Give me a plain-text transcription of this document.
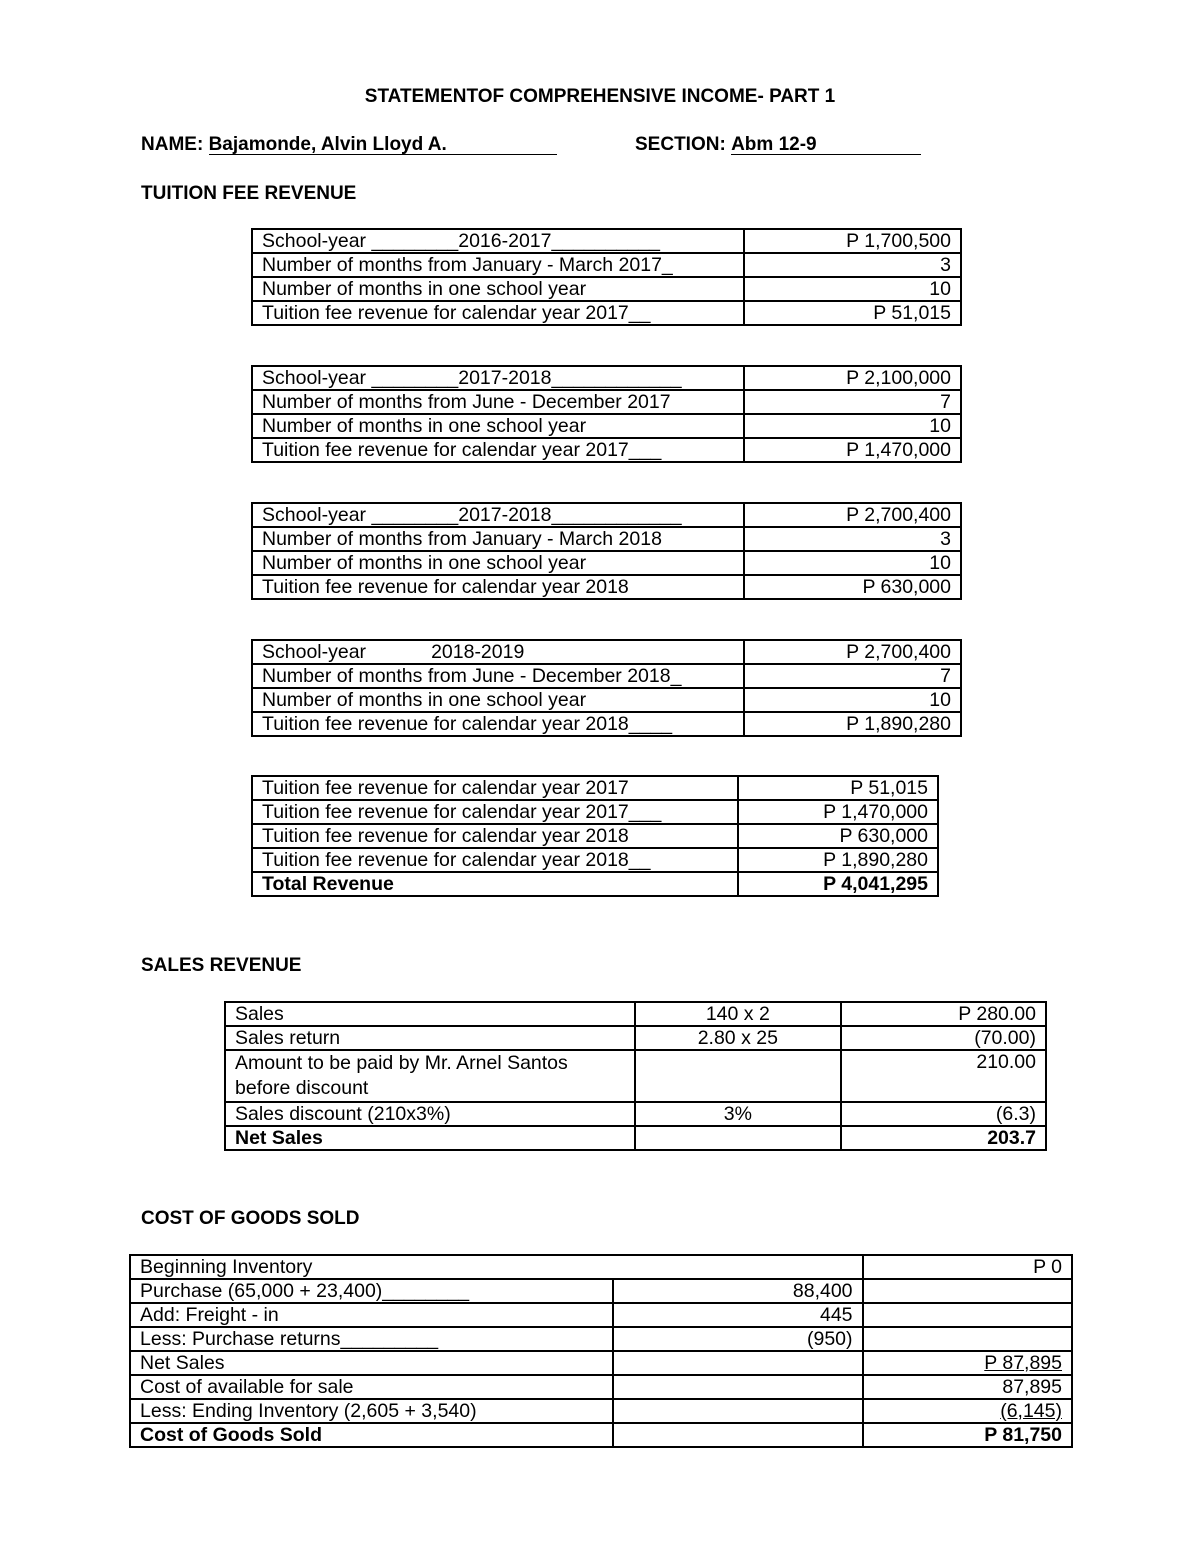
STATEMENTOF COMPREHENSIVE INCOME- PART 1
NAME: Bajamonde, Alvin Lloyd A.	SECTION: Abm 12-9
TUITION FEE REVENUE
School-year ________2016-2017__________	P 1,700,500
Number of months from January - March 2017_	3
Number of months in one school year	10
Tuition fee revenue for calendar year 2017__	P 51,015
School-year ________2017-2018____________	P 2,100,000
Number of months from June - December 2017	7
Number of months in one school year	10
Tuition fee revenue for calendar year 2017___	P 1,470,000
School-year ________2017-2018____________	P 2,700,400
Number of months from January - March 2018	3
Number of months in one school year	10
Tuition fee revenue for calendar year 2018	P 630,000
School-year            2018-2019	P 2,700,400
Number of months from June - December 2018_	7
Number of months in one school year	10
Tuition fee revenue for calendar year 2018____	P 1,890,280
Tuition fee revenue for calendar year 2017	P 51,015
Tuition fee revenue for calendar year 2017___	P 1,470,000
Tuition fee revenue for calendar year 2018	P 630,000
Tuition fee revenue for calendar year 2018__	P 1,890,280
Total Revenue	P 4,041,295
SALES REVENUE
Sales	140 x 2	P 280.00
Sales return	2.80 x 25	(70.00)
Amount to be paid by Mr. Arnel Santos before discount		210.00
Sales discount (210x3%)	3%	(6.3)
Net Sales		203.7
COST OF GOODS SOLD
Beginning Inventory		P 0
Purchase (65,000 + 23,400)________	88,400	
Add: Freight - in	445	
Less: Purchase returns_________	(950)	
Net Sales		P 87,895
Cost of available for sale		87,895
Less: Ending Inventory (2,605 + 3,540)		(6,145)
Cost of Goods Sold		P 81,750
